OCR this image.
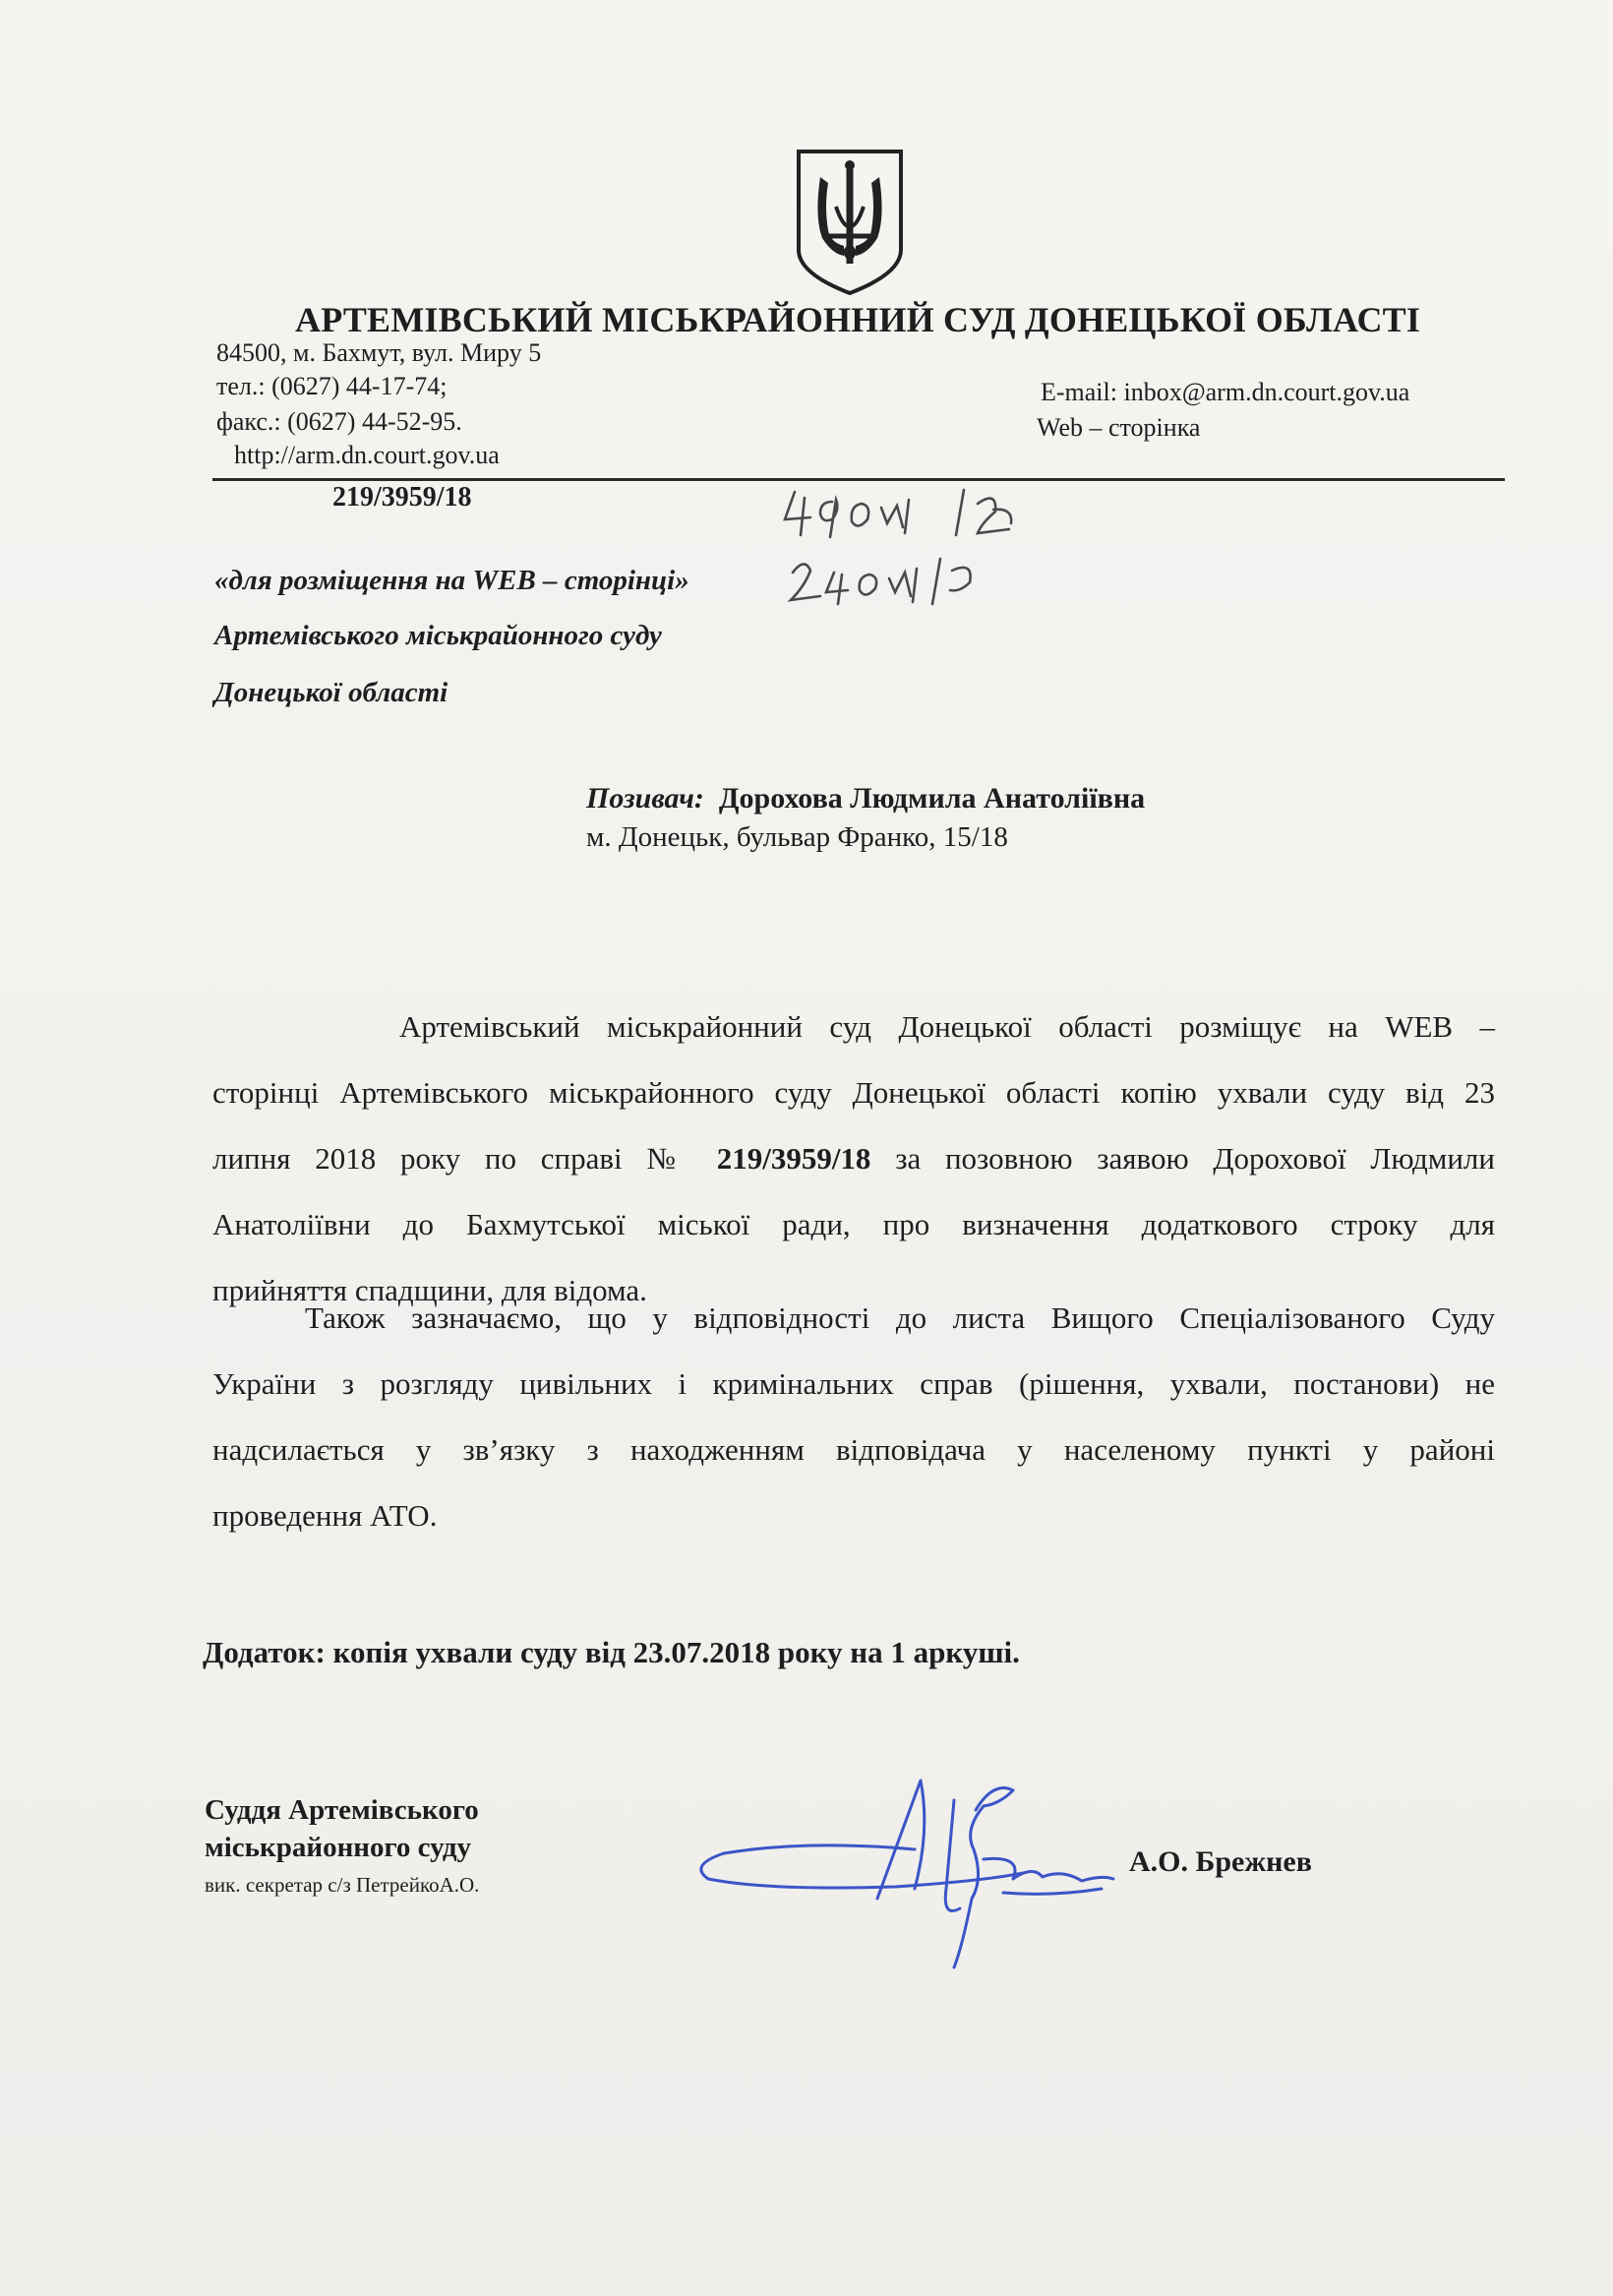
АРТЕМІВСЬКИЙ МІСЬКРАЙОННИЙ СУД ДОНЕЦЬКОЇ ОБЛАСТІ
84500, м. Бахмут, вул. Миру 5
тел.: (0627) 44-17-74;
факс.: (0627) 44-52-95.
http://arm.dn.court.gov.ua
E-mail: inbox@arm.dn.court.gov.ua
Web – сторінка
219/3959/18
«для розміщення на WEB – сторінці»
Артемівського міськрайонного суду
Донецької області
Позивач: Дорохова Людмила Анатоліївна
м. Донецьк, бульвар Франко, 15/18
Артемівський міськрайонний суд Донецької області розміщує на WEB –
сторінці Артемівського міськрайонного суду Донецької області копію ухвали суду від 23
липня 2018 року по справі № 219/3959/18 за позовною заявою Дорохової Людмили
Анатоліївни до Бахмутської міської ради, про визначення додаткового строку для
прийняття спадщини, для відома.
Також зазначаємо, що у відповідності до листа Вищого Спеціалізованого Суду
України з розгляду цивільних і кримінальних справ (рішення, ухвали, постанови) не
надсилається у зв’язку з находженням відповідача у населеному пункті у районі
проведення АТО.
Додаток: копія ухвали суду від 23.07.2018 року на 1 аркуші.
Суддя Артемівського
міськрайонного суду
вик. секретар с/з ПетрейкоА.О.
А.О. Брежнев
